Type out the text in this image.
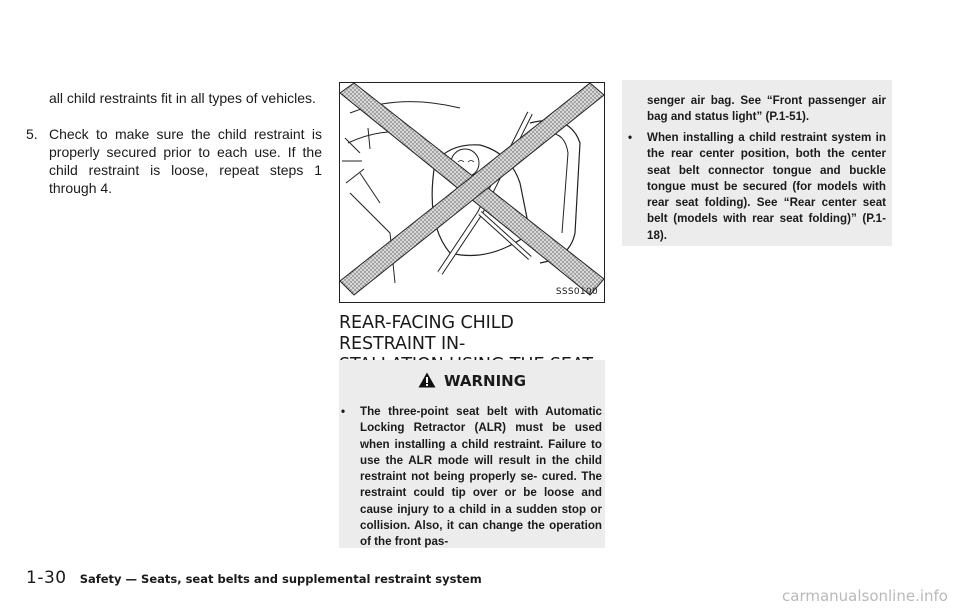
all child restraints fit in all types of vehicles.

5. Check to make sure the child restraint is properly secured prior to each use. If the child restraint is loose, repeat steps 1 through 4.
SSS0100
REAR-FACING CHILD RESTRAINT IN-

WARNING
• The three-point seat belt with Automatic Locking Retractor (ALR) must be used when installing a child restraint. Failure to use the ALR mode will result in the child restraint not being properly se- cured. The restraint could tip over or be loose and cause injury to a child in a sudden stop or collision. Also, it can change the operation of the front pas-
senger air bag. See “Front passenger air bag and status light” (P.1-51).
• When installing a child restraint system in the rear center position, both the center seat belt connector tongue and buckle tongue must be secured (for models with rear seat folding). See “Rear center seat belt (models with rear seat folding)” (P.1-18).
1-30 Safety — Seats, seat belts and supplemental restraint system
carmanualsonline.info
